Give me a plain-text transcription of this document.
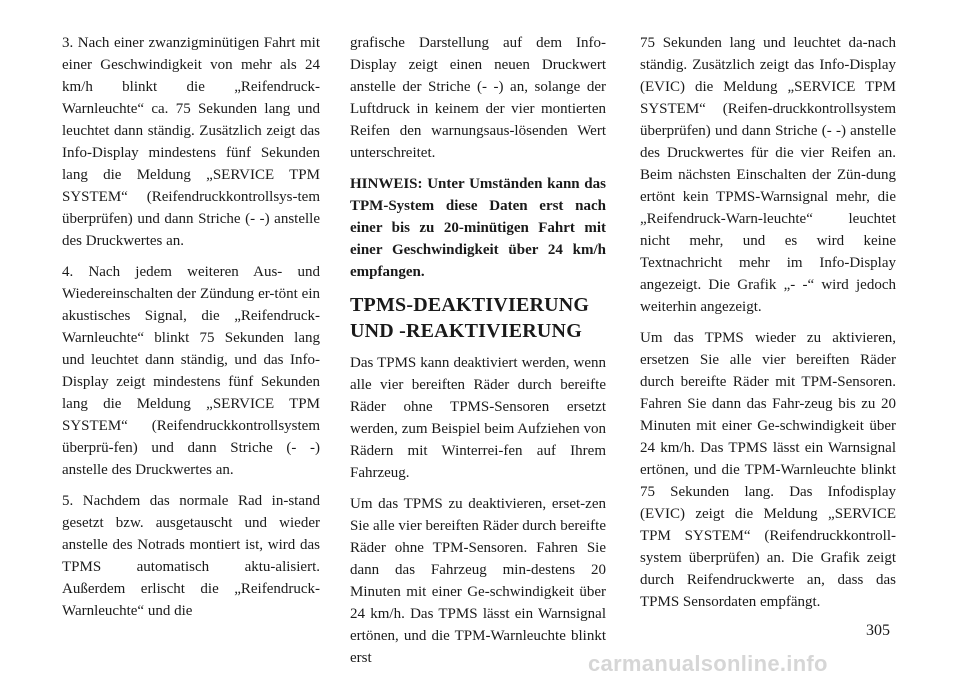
3. Nach einer zwanzigminütigen Fahrt mit einer Geschwindigkeit von mehr als 24 km/h blinkt die „Reifendruck-Warnleuchte“ ca. 75 Sekunden lang und leuchtet dann ständig. Zusätzlich zeigt das Info-Display mindestens fünf Sekunden lang die Meldung „SERVICE TPM SYSTEM“ (Reifendruckkontrollsys-tem überprüfen) und dann Striche (- -) anstelle des Druckwertes an.

4. Nach jedem weiteren Aus- und Wiedereinschalten der Zündung er-tönt ein akustisches Signal, die „Reifendruck-Warnleuchte“ blinkt 75 Sekunden lang und leuchtet dann ständig, und das Info-Display zeigt mindestens fünf Sekunden lang die Meldung „SERVICE TPM SYSTEM“ (Reifendruckkontrollsystem überprü-fen) und dann Striche (- -) anstelle des Druckwertes an.

5. Nachdem das normale Rad in-stand gesetzt bzw. ausgetauscht und wieder anstelle des Notrads montiert ist, wird das TPMS automatisch aktu-alisiert. Außerdem erlischt die „Reifendruck-Warnleuchte“ und die

grafische Darstellung auf dem Info-Display zeigt einen neuen Druckwert anstelle der Striche (- -) an, solange der Luftdruck in keinem der vier montierten Reifen den warnungsaus-lösenden Wert unterschreitet.

HINWEIS: Unter Umständen kann das TPM-System diese Daten erst nach einer bis zu 20-minütigen Fahrt mit einer Geschwindigkeit über 24 km/h empfangen.

TPMS-DEAKTIVIERUNG
UND -REAKTIVIERUNG

Das TPMS kann deaktiviert werden, wenn alle vier bereiften Räder durch bereifte Räder ohne TPMS-Sensoren ersetzt werden, zum Beispiel beim Aufziehen von Rädern mit Winterrei-fen auf Ihrem Fahrzeug.

Um das TPMS zu deaktivieren, erset-zen Sie alle vier bereiften Räder durch bereifte Räder ohne TPM-Sensoren. Fahren Sie dann das Fahrzeug min-destens 20 Minuten mit einer Ge-schwindigkeit über 24 km/h. Das TPMS lässt ein Warnsignal ertönen, und die TPM-Warnleuchte blinkt erst

75 Sekunden lang und leuchtet da-nach ständig. Zusätzlich zeigt das Info-Display (EVIC) die Meldung „SERVICE TPM SYSTEM“ (Reifen-druckkontrollsystem überprüfen) und dann Striche (- -) anstelle des Druckwertes für die vier Reifen an. Beim nächsten Einschalten der Zün-dung ertönt kein TPMS-Warnsignal mehr, die „Reifendruck-Warn-leuchte“ leuchtet nicht mehr, und es wird keine Textnachricht mehr im Info-Display angezeigt. Die Grafik „- -“ wird jedoch weiterhin angezeigt.

Um das TPMS wieder zu aktivieren, ersetzen Sie alle vier bereiften Räder durch bereifte Räder mit TPM-Sensoren. Fahren Sie dann das Fahr-zeug bis zu 20 Minuten mit einer Ge-schwindigkeit über 24 km/h. Das TPMS lässt ein Warnsignal ertönen, und die TPM-Warnleuchte blinkt 75 Sekunden lang. Das Infodisplay (EVIC) zeigt die Meldung „SERVICE TPM SYSTEM“ (Reifendruckkontroll-system überprüfen) an. Die Grafik zeigt durch Reifendruckwerte an, dass das TPMS Sensordaten empfängt.

305
carmanualsonline.info
